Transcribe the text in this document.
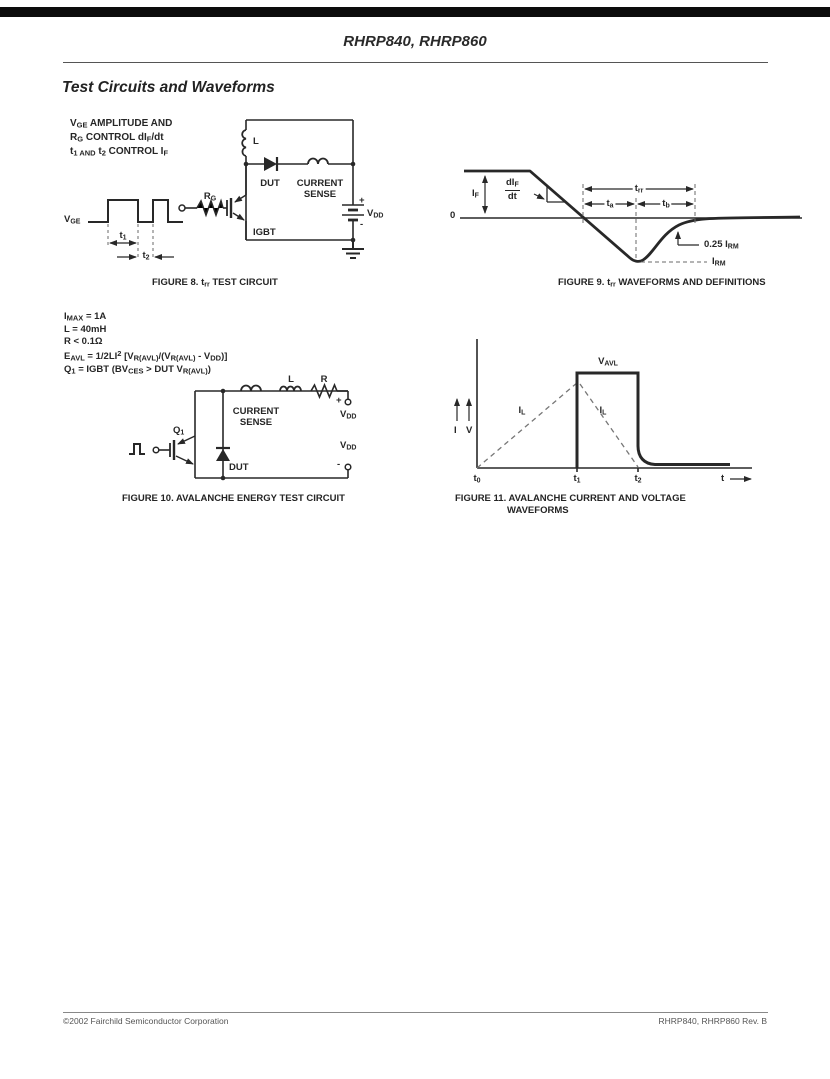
RHRP840, RHRP860
Test Circuits and Waveforms
$V_{GE}$ AMPLITUDE AND
$R_G$ CONTROL $dI_F/dt$
$t_{1 AND}$ $t_2$ CONTROL $I_F$
$V_{GE}$
$t_1$
$t_2$
$R_G$
L
DUT CURRENT
SENSE
IGBT
+
$V_{DD}$
-
FIGURE 8. $t_{rr}$ TEST CIRCUIT
0
$I_F$
$dI_F$
dt
$t_{rr}$
$t_a$	$t_b$
0.25 $I_{RM}$
$I_{RM}$
FIGURE 9. $t_{rr}$ WAVEFORMS AND DEFINITIONS
$I_{MAX} = 1A$
L = 40mH
R < 0.1Ω
$E_{AVL} = 1/2LI^2$ $[V_{R(AVL)}/(V_{R(AVL)} - V_{DD})]$
$Q_1$ = IGBT ($BV_{CES}$ > DUT $V_{R(AVL)}$)
$Q_1$
DUT
CURRENT
SENSE
L	R
+
$V_{DD}$
$V_{DD}$
-
FIGURE 10. AVALANCHE ENERGY TEST CIRCUIT
$V_{AVL}$
$I_L$	$I_L$
I V
$t_0$	$t_1$	$t_2$	t
FIGURE 11. AVALANCHE CURRENT AND VOLTAGE
WAVEFORMS
©2002 Fairchild Semiconductor Corporation	RHRP840, RHRP860 Rev. B
